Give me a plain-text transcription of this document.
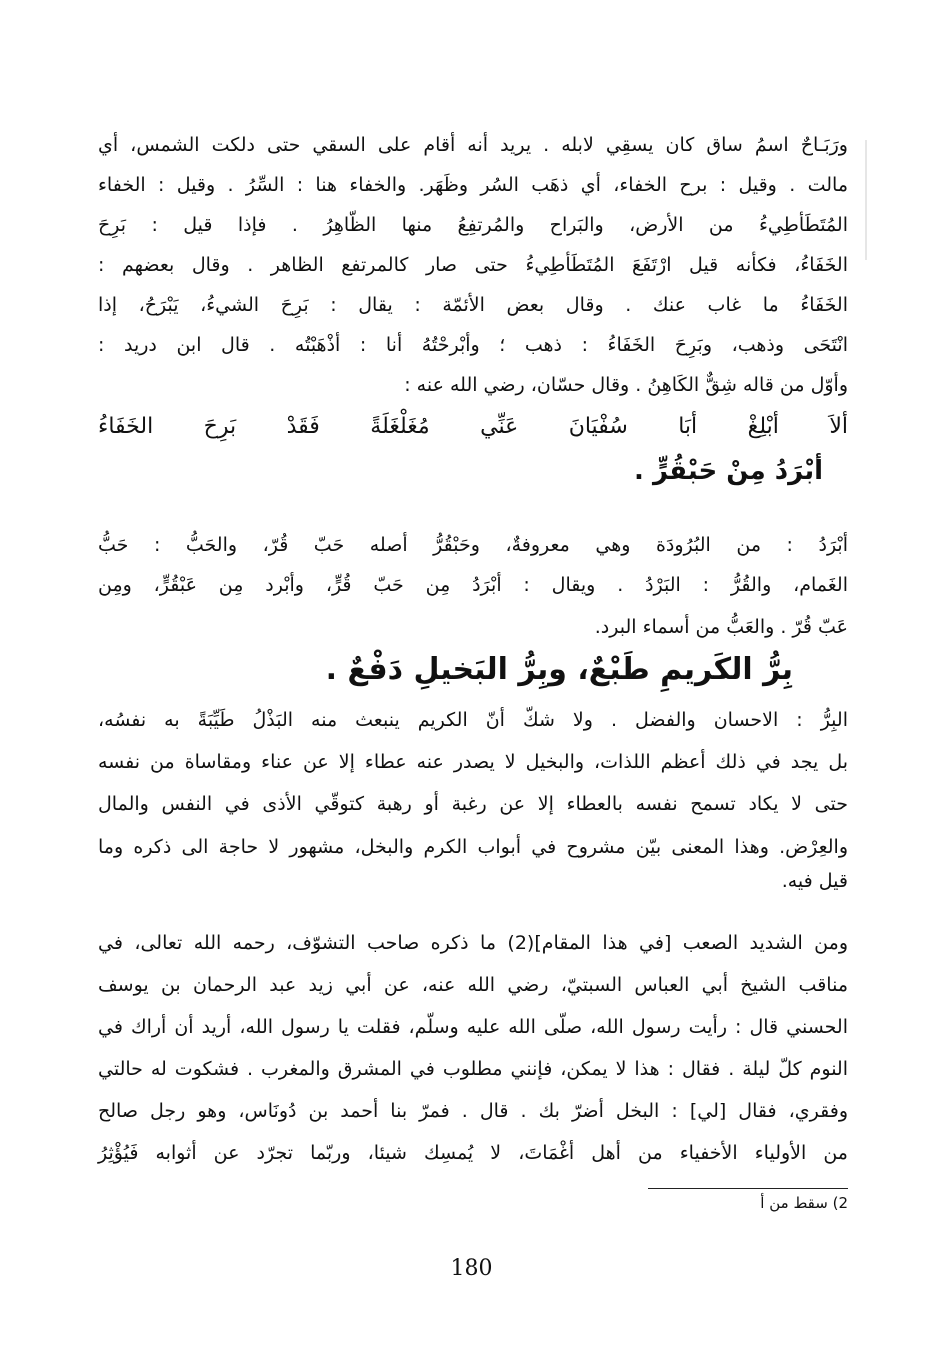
ورَبَـاحٌ اسمُ ساق كان يسقِي لابله . يريد أنه أقام على السقي حتى دلكت الشمس، أي
مالت . وقيل : برح الخفاء، أي ذهَب السُر وظَهَر. والخفاء هنا : السِّرُ . وقيل : الخفاء
المُتَطَأطِيءُ من الأرض، والبَراح والمُرتفِعُ منها الظّاهِرُ . فإذا قيل : بَرِحَ
الخَفَاءُ، فكأنه قيل ارْتَفَعَ المُتَطَأطِيءُ حتى صار كالمرتفع الظاهر . وقال بعضهم :
الخَفَاءُ ما غاب عنك . وقال بعض الأئمّة : يقال : بَرِحَ الشيءُ، يَبْرَحُ، إذا
انْتَحَى وذهب، وبَرِحَ الخَفَاءُ : ذهب ؛ وأبْرحْتُهُ أنا : أذْهَبْتُه . قال ابن دريد :
وأوّل من قاله شِقٌّ الكَاهِنُ . وقال حسّان، رضي الله عنه :
ألاَ أبْلِغْ أبَا سُفْيَانَ عَنِّي مُغَلْغَلَةً فَقَدْ بَرِحَ الخَفَاءُ
أبْرَدُ مِنْ حَبْقُرٍّ .
أبْرَدُ : من البُرُودَة وهي معروفةٌ، وحَبْقُرُّ أصله حَبّ قُرّ، والحَبُّ : حَبُّ
الغَمام، والقُرُّ : البَرْدُ . ويقال : أبْرَدُ مِن حَبّ قُرٍّ، وأبْرد مِن عَبْقُرٍّ، ومِن
عَبّ قُرّ . والعَبُّ من أسماء البرد.
بِرُّ الكَريمِ طَبْعٌ، وبِرُّ البَخيلِ دَفْعٌ .
البِرُّ : الاحسان والفضل . ولا شكّ أنّ الكريم ينبعث منه البَذْلُ طَيِّبَةً به نفسُه،
بل يجد في ذلك أعظم اللذات، والبخيل لا يصدر عنه عطاء إلا عن عناء ومقاساة من نفسه
حتى لا يكاد تسمح نفسه بالعطاء إلا عن رغبة أو رهبة كتوقّي الأذى في النفس والمال
والعِرْض. وهذا المعنى بيّن مشروح في أبواب الكرم والبخل، مشهور لا حاجة الى ذكره وما
قيل فيه.
ومن الشديد الصعب [في هذا المقام](2) ما ذكره صاحب التشوّف، رحمه الله تعالى، في
مناقب الشيخ أبي العباس السبتيّ، رضي الله عنه، عن أبي زيد عبد الرحمان بن يوسف
الحسني قال : رأيت رسول الله، صلّى الله عليه وسلّم، فقلت يا رسول الله، أريد أن أراك في
النوم كلّ ليلة . فقال : هذا لا يمكن، فإنني مطلوب في المشرق والمغرب . فشكوت له حالتي
وفقري، فقال [لي] : البخل أضرّ بك . قال . فمرّ بنا أحمد بن دُونَاس، وهو رجل صالح
من الأولياء الأخفياء من أهل أغْمَاتَ، لا يُمسِك شيئا، وربّما تجرّد عن أثوابه فَيُؤْثِرُ
2) سقط من أ
180
